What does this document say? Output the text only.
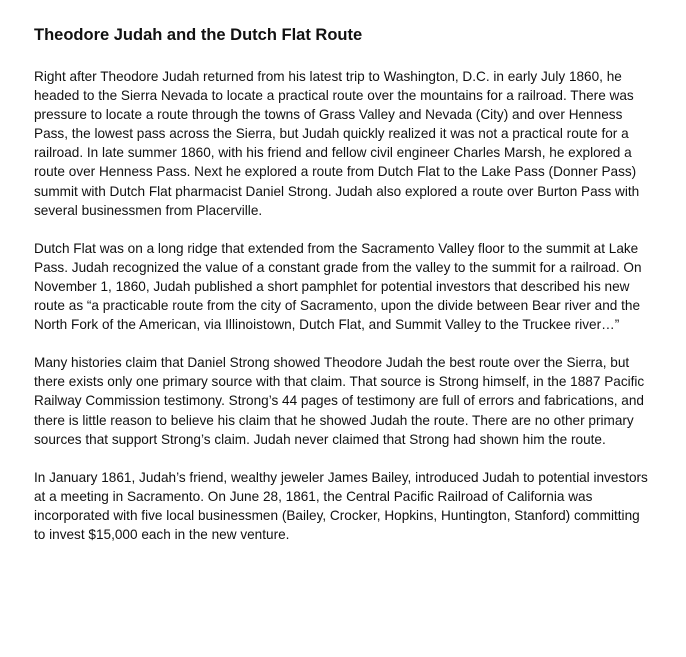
Theodore Judah and the Dutch Flat Route

Right after Theodore Judah returned from his latest trip to Washington, D.C. in early July 1860, he headed to the Sierra Nevada to locate a practical route over the mountains for a railroad. There was pressure to locate a route through the towns of Grass Valley and Nevada (City) and over Henness Pass, the lowest pass across the Sierra, but Judah quickly realized it was not a practical route for a railroad. In late summer 1860, with his friend and fellow civil engineer Charles Marsh, he explored a route over Henness Pass. Next he explored a route from Dutch Flat to the Lake Pass (Donner Pass) summit with Dutch Flat pharmacist Daniel Strong. Judah also explored a route over Burton Pass with several businessmen from Placerville.

Dutch Flat was on a long ridge that extended from the Sacramento Valley floor to the summit at Lake Pass. Judah recognized the value of a constant grade from the valley to the summit for a railroad. On November 1, 1860, Judah published a short pamphlet for potential investors that described his new route as “a practicable route from the city of Sacramento, upon the divide between Bear river and the North Fork of the American, via Illinoistown, Dutch Flat, and Summit Valley to the Truckee river…”

Many histories claim that Daniel Strong showed Theodore Judah the best route over the Sierra, but there exists only one primary source with that claim. That source is Strong himself, in the 1887 Pacific Railway Commission testimony. Strong’s 44 pages of testimony are full of errors and fabrications, and there is little reason to believe his claim that he showed Judah the route. There are no other primary sources that support Strong’s claim. Judah never claimed that Strong had shown him the route.

In January 1861, Judah’s friend, wealthy jeweler James Bailey, introduced Judah to potential investors at a meeting in Sacramento. On June 28, 1861, the Central Pacific Railroad of California was incorporated with five local businessmen (Bailey, Crocker, Hopkins, Huntington, Stanford) committing to invest $15,000 each in the new venture.
